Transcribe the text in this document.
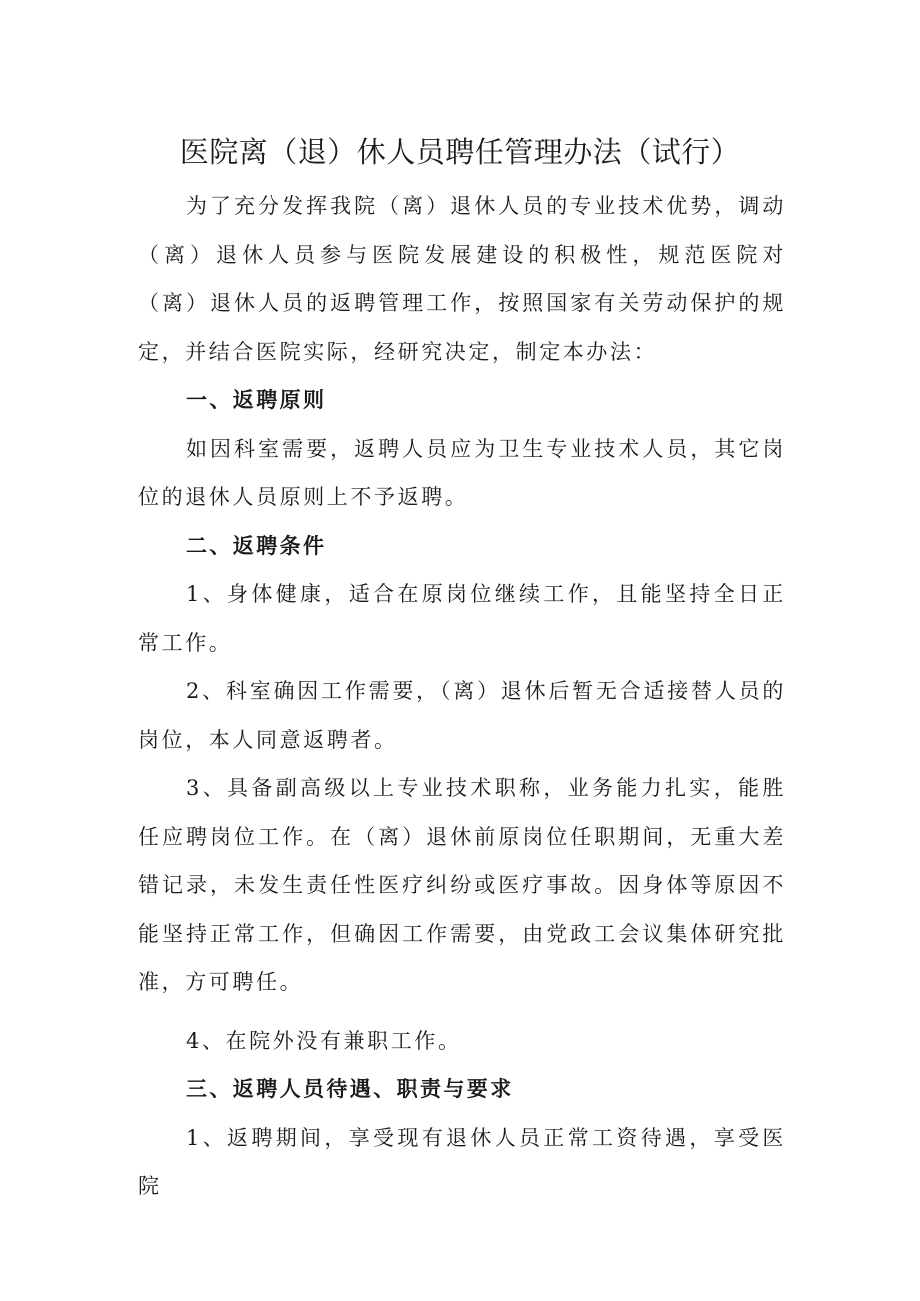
医院离（退）休人员聘任管理办法（试行）

为了充分发挥我院（离）退休人员的专业技术优势，调动（离）退休人员参与医院发展建设的积极性，规范医院对（离）退休人员的返聘管理工作，按照国家有关劳动保护的规定，并结合医院实际，经研究决定，制定本办法：

一、返聘原则

如因科室需要，返聘人员应为卫生专业技术人员，其它岗位的退休人员原则上不予返聘。

二、返聘条件

1、身体健康，适合在原岗位继续工作，且能坚持全日正常工作。

2、科室确因工作需要，（离）退休后暂无合适接替人员的岗位，本人同意返聘者。

3、具备副高级以上专业技术职称，业务能力扎实，能胜任应聘岗位工作。在（离）退休前原岗位任职期间，无重大差错记录，未发生责任性医疗纠纷或医疗事故。因身体等原因不能坚持正常工作，但确因工作需要，由党政工会议集体研究批准，方可聘任。

4、在院外没有兼职工作。

三、返聘人员待遇、职责与要求

1、返聘期间，享受现有退休人员正常工资待遇，享受医院
